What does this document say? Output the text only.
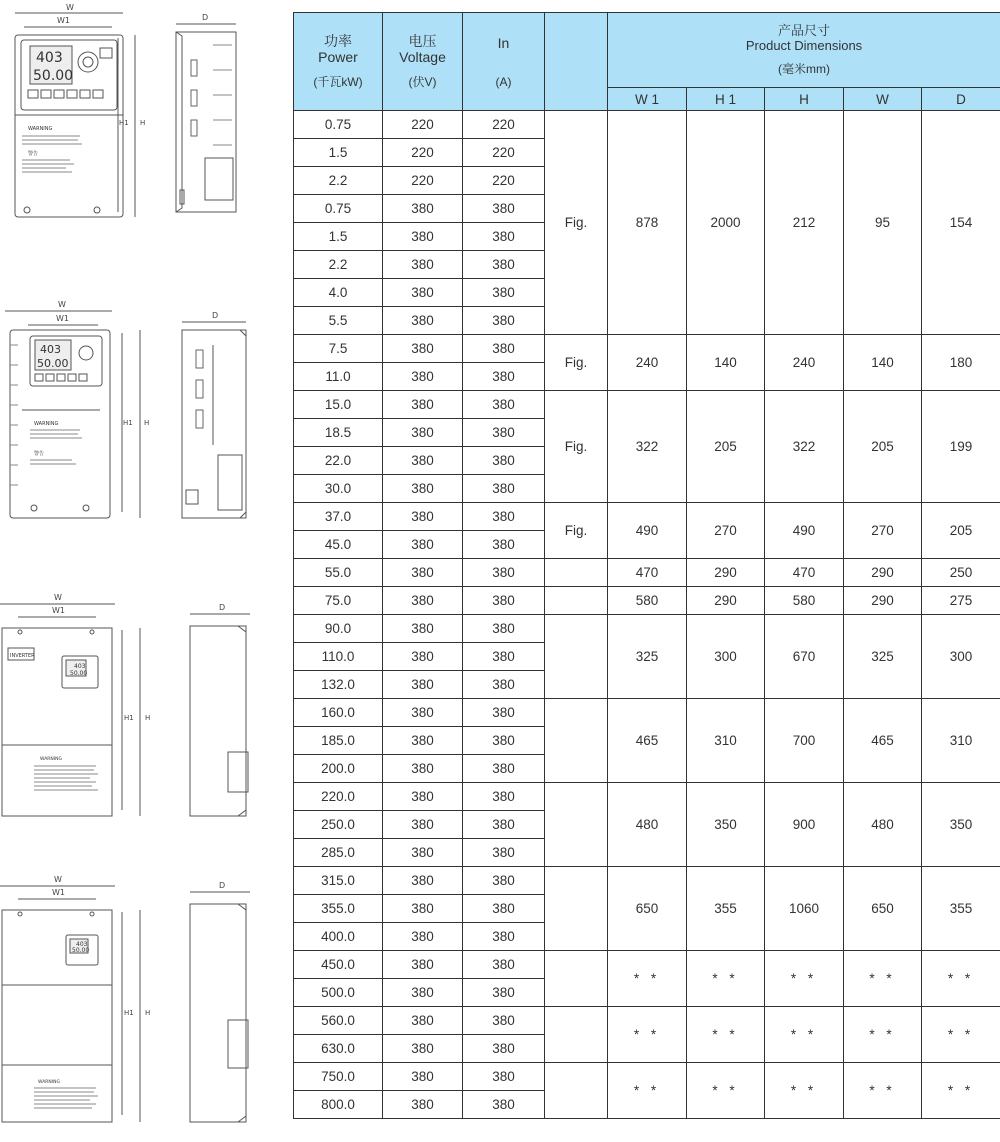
W
W1
403
50.00
WARNING
警告
H1 H
D
W
W1
403
50.00
WARNING
警告
H1 H
D
W
W1
INVERTER
403
50.00
WARNING
H1 H
D
W
W1
403
50.00
WARNING
H1 H
D
功率
Power
(千瓦kW)	电压
Voltage
(伏V)	In
(A)		产品尺寸
Product Dimensions
(毫米mm)				

				W 1	H 1	H	W	D
0.75	220	220	Fig.	878	2000	212	95	154
1.5	220	220						
2.2	220	220						
0.75	380	380						
1.5	380	380						
2.2	380	380						
4.0	380	380						
5.5	380	380						
7.5	380	380	Fig.	240	140	240	140	180
11.0	380	380						
15.0	380	380	Fig.	322	205	322	205	199
18.5	380	380						
22.0	380	380						
30.0	380	380						
37.0	380	380	Fig.	490	270	490	270	205
45.0	380	380						
55.0	380	380		470	290	470	290	250
75.0	380	380		580	290	580	290	275
90.0	380	380		325	300	670	325	300
110.0	380	380						
132.0	380	380						
160.0	380	380		465	310	700	465	310
185.0	380	380						
200.0	380	380						
220.0	380	380		480	350	900	480	350
250.0	380	380						
285.0	380	380						
315.0	380	380		650	355	1060	650	355
355.0	380	380						
400.0	380	380						
450.0	380	380		* *	* *	* *	* *	* *
500.0	380	380						
560.0	380	380		* *	* *	* *	* *	* *
630.0	380	380						
750.0	380	380		* *	* *	* *	* *	* *
800.0	380	380						
